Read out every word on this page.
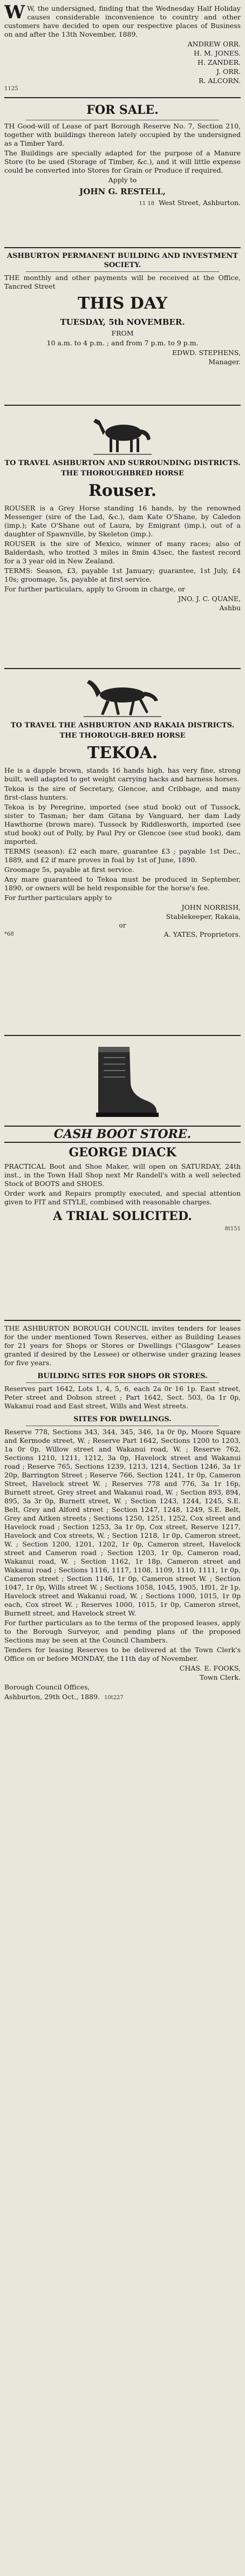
W W, the undersigned, finding that the Wednesday Half Holiday causes considerable inconvenience to country and other customers have decided to open our respective places of Business on and after the 13th November, 1889.

ANDREW ORR.
H. M. JONES.
H. ZANDER.
J. ORR.
R. ALCORN.
1125
FOR SALE.

TH Good-will of Lease of part Borough Reserve No. 7, Section 210, together with buildings thereon lately occupied by the undersigned as a Timber Yard.

The Buildings are specially adapted for the purpose of a Manure Store (to be used (Storage of Timber, &c.), and it will little expense could be converted into Stores for Grain or Produce if required.

Apply to

JOHN G. RESTELL,

11 18 West Street, Ashburton.

ASHBURTON PERMANENT BUILDING AND INVESTMENT SOCIETY.

THE monthly and other payments will be received at the Office, Tancred Street

THIS DAY
TUESDAY, 5th NOVEMBER.

FROM

10 a.m. to 4 p.m. ; and from 7 p.m. to 9 p.m.

EDWD. STEPHENS,
Manager.
TO TRAVEL ASHBURTON AND SURROUNDING DISTRICTS.
THE THOROUGHBRED HORSE
Rouser.

ROUSER is a Grey Horse standing 16 hands, by the renowned Messenger (sire of the Lad, &c.), dam Kate O'Shane, by Caledon (imp.); Kate O'Shane out of Laura, by Emigrant (imp.), out of a daughter of Spawnville, by Skeleton (imp.).

ROUSER is the sire of Mexico, winner of many races; also of Balderdash, who trotted 3 miles in 8min 43sec, the fastest record for a 3 year old in New Zealand.

TERMS: Season, £3, payable 1st January; guarantee, 1st July, £4 10s; groomage, 5s, payable at first service.

For further particulars, apply to Groom in charge, or

JNO. J. C. QUANE,
Ashbu
TO TRAVEL THE ASHBURTON AND RAKAIA DISTRICTS.
THE THOROUGH-BRED HORSE
TEKOA.

He is a dapple brown, stands 16 hands high, has very fine, strong built, well adapted to get weight carrying hacks and harness horses.

Tekoa is the sire of Secretary, Glencoe, and Cribbage, and many first-class hunters.

Tekoa is by Peregrine, imported (see stud book) out of Tussock, sister to Tasman; her dam Gitana by Vanguard, her dam Lady Hawthorne (brown mare). Tussock by Riddlesworth, imported (see stud book) out of Polly, by Paul Pry or Glencoe (see stud book), dam imported.

TERMS (season): £2 each mare, guarantee £3 ; payable 1st Dec., 1889, and £2 if mare proves in foal by 1st of June, 1890.

Groomage 5s, payable at first service.

Any mare guaranteed to Tekoa must be produced in September, 1890, or owners will be held responsible for the horse's fee.

For further particulars apply to

JOHN NORRISH,
Stablekeeper, Rakaia,
or

*68	A. YATES, Proprietors.

CASH BOOT STORE.
GEORGE DIACK

PRACTICAL Boot and Shoe Maker, will open on SATURDAY, 24th inst., in the Town Hall Shop next Mr Randell's with a well selected Stock of BOOTS and SHOES.

Order work and Repairs promptly executed, and special attention given to FIT and STYLE, combined with reasonable charges.

A TRIAL SOLICITED.
8t151

THE ASHBURTON BOROUGH COUNCIL invites tenders for leases for the under mentioned Town Reserves, either as Building Leases for 21 years for Shops or Stores or Dwellings ("Glasgow" Leases granted if desired by the Lessee) or otherwise under grazing leases for five years.

BUILDING SITES FOR SHOPS OR STORES.

Reserves part 1642, Lots 1, 4, 5, 6, each 2a 0r 16 1p. East street, Peter street and Dobson street ; Part 1642, Sect. 503, 0a 1r 0p, Wakanui road and East street, Wills and West streets.

SITES FOR DWELLINGS.

Reserve 778, Sections 343, 344, 345, 346, 1a 0r 0p, Moore Square and Kermode street, W. ; Reserve Part 1642, Sections 1200 to 1203, 1a 0r 0p, Willow street and Wakanui road, W. ; Reserve 762, Sections 1210, 1211, 1212, 3a 0p, Havelock street and Wakanui road ; Reserve 765, Sections 1239, 1213, 1214, Section 1246, 3a 1r 20p, Barrington Street ; Reserve 766, Section 1241, 1r 0p, Cameron Street, Havelock street W. ; Reserves 778 and 776, 3a 1r 16p, Burnett street, Grey street and Wakanui road, W. ; Section 893, 894, 895, 3a 3r 0p, Burnett street, W. ; Section 1243, 1244, 1245, S.E. Belt, Grey and Alford street ; Section 1247, 1248, 1249, S.E. Belt, Grey and Aitken streets ; Sections 1250, 1251, 1252, Cox street and Havelock road ; Section 1253, 3a 1r 0p, Cox street, Reserve 1217, Havelock and Cox streets, W. ; Section 1218, 1r 0p, Cameron street, W. ; Section 1200, 1201, 1202, 1r 0p, Cameron street, Havelock street and Cameron road ; Section 1203, 1r 0p, Cameron road, Wakanui road, W. ; Section 1162, 1r 18p, Cameron street and Wakanui road ; Sections 1116, 1117, 1108, 1109, 1110, 1111, 1r 0p, Cameron street ; Section 1146, 1r 0p, Cameron street W. ; Section 1047, 1r 0p, Wills street W. ; Sections 1058, 1045, 1905, 1f01, 2r 1p, Havelock street and Wakanui road, W. ; Sections 1000, 1015, 1r 0p each, Cox street W. ; Reserves 1000, 1015, 1r 0p, Cameron street, Burnett street, and Havelock street W.

For further particulars as to the terms of the proposed leases, apply to the Borough Surveyor, and pending plans of the proposed Sections may be seen at the Council Chambers.

Tenders for leasing Reserves to be delivered at the Town Clerk's Office on or before MONDAY, the 11th day of November.

CHAS. E. FOOKS,
Town Clerk.

Borough Council Offices,

Ashburton, 29th Oct., 1889. 10t227
